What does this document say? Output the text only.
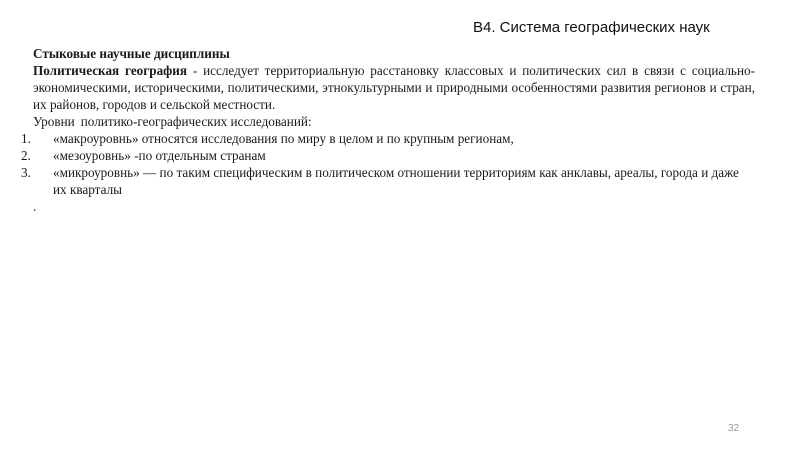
В4. Система географических наук
Стыковые научные дисциплины
Политическая география - исследует территориальную расстановку классовых и политических сил в связи с социально-экономическими, историческими, политическими, этнокультурными и природными особенностями развития регионов и стран, их районов, городов и сельской местности.
Уровни политико-географических исследований:
1.	«макроуровнь» относятся исследования по миру в целом и по крупным регионам,
2.	«мезоуровнь» -по отдельным странам
3.	«микроуровнь» — по таким специфическим в политическом отношении территориям как анклавы, ареалы, города и даже их кварталы
.
32
